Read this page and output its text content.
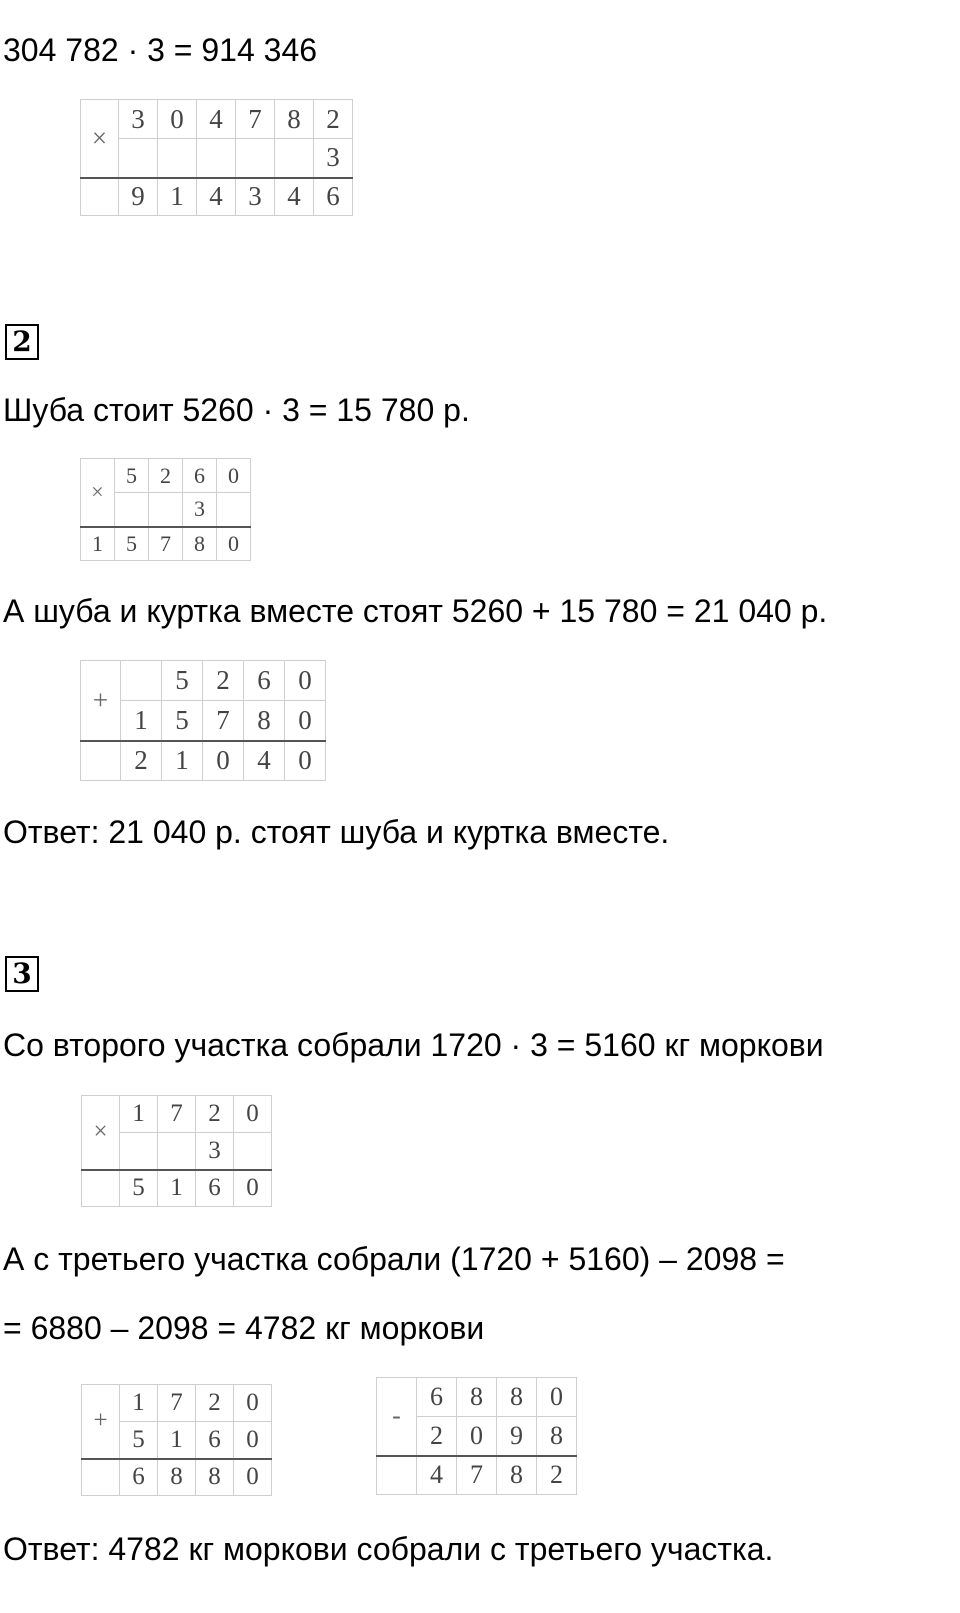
304 782 · 3 = 914 346
×	3	0	4	7	8	2
						3
	9	1	4	3	4	6
2
Шуба стоит 5260 · 3 = 15 780 р.
×	5	2	6	0
			3	
1	5	7	8	0
А шуба и куртка вместе стоят 5260 + 15 780 = 21 040 р.
+		5	2	6	0
	1	5	7	8	0
	2	1	0	4	0
Ответ: 21 040 р. стоят шуба и куртка вместе.
3
Со второго участка собрали 1720 · 3 = 5160 кг моркови
×	1	7	2	0
			3	
	5	1	6	0
А с третьего участка собрали (1720 + 5160) – 2098 =
= 6880 – 2098 = 4782 кг моркови
+	1	7	2	0
	5	1	6	0
	6	8	8	0
-	6	8	8	0
	2	0	9	8
	4	7	8	2
Ответ: 4782 кг моркови собрали с третьего участка.
